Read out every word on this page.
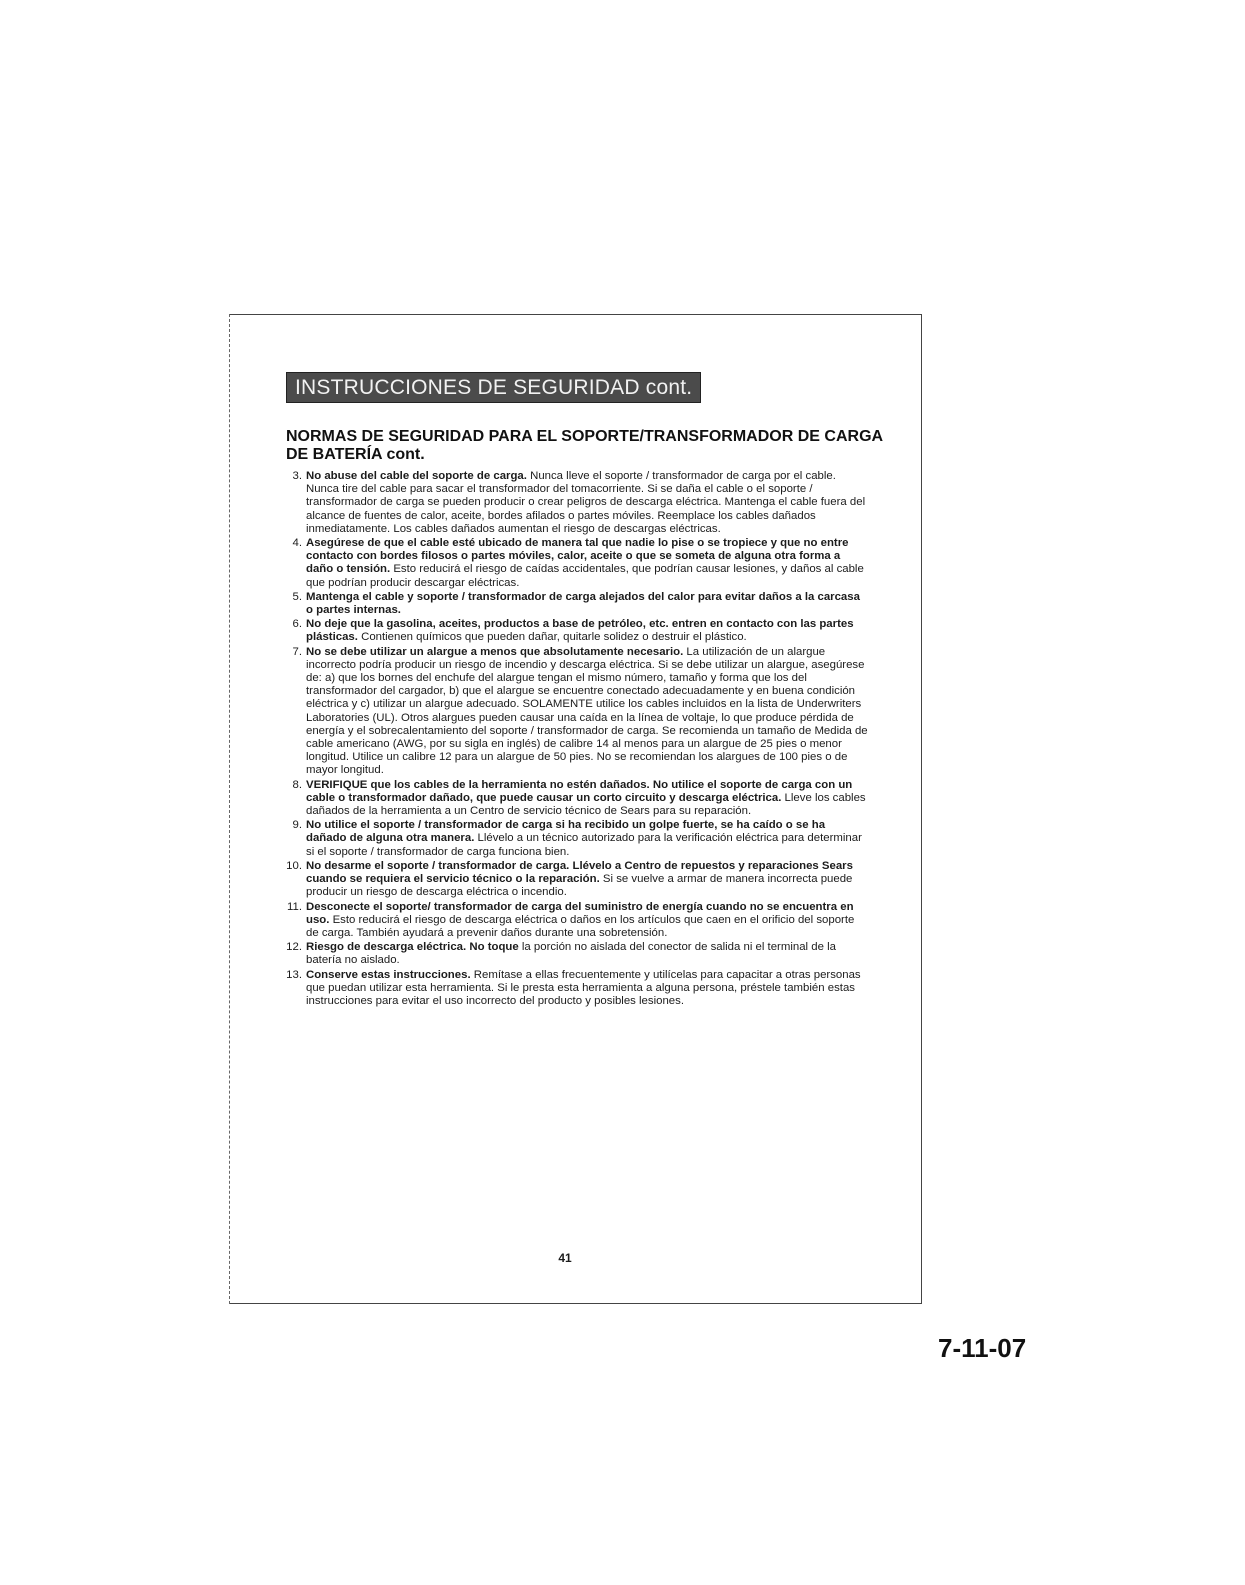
INSTRUCCIONES DE SEGURIDAD cont.
NORMAS DE SEGURIDAD PARA EL SOPORTE/TRANSFORMADOR DE CARGA DE BATERÍA cont.
3. No abuse del cable del soporte de carga. Nunca lleve el soporte / transformador de carga por el cable. Nunca tire del cable para sacar el transformador del tomacorriente. Si se daña el cable o el soporte / transformador de carga se pueden producir o crear peligros de descarga eléctrica. Mantenga el cable fuera del alcance de fuentes de calor, aceite, bordes afilados o partes móviles. Reemplace los cables dañados inmediatamente. Los cables dañados aumentan el riesgo de descargas eléctricas.
4. Asegúrese de que el cable esté ubicado de manera tal que nadie lo pise o se tropiece y que no entre contacto con bordes filosos o partes móviles, calor, aceite o que se someta de alguna otra forma a daño o tensión. Esto reducirá el riesgo de caídas accidentales, que podrían causar lesiones, y daños al cable que podrían producir descargar eléctricas.
5. Mantenga el cable y soporte / transformador de carga alejados del calor para evitar daños a la carcasa o partes internas.
6. No deje que la gasolina, aceites, productos a base de petróleo, etc. entren en contacto con las partes plásticas. Contienen químicos que pueden dañar, quitarle solidez o destruir el plástico.
7. No se debe utilizar un alargue a menos que absolutamente necesario. La utilización de un alargue incorrecto podría producir un riesgo de incendio y descarga eléctrica. Si se debe utilizar un alargue, asegúrese de: a) que los bornes del enchufe del alargue tengan el mismo número, tamaño y forma que los del transformador del cargador, b) que el alargue se encuentre conectado adecuadamente y en buena condición eléctrica y c) utilizar un alargue adecuado. SOLAMENTE utilice los cables incluidos en la lista de Underwriters Laboratories (UL). Otros alargues pueden causar una caída en la línea de voltaje, lo que produce pérdida de energía y el sobrecalentamiento del soporte / transformador de carga. Se recomienda un tamaño de Medida de cable americano (AWG, por su sigla en inglés) de calibre 14 al menos para un alargue de 25 pies o menor longitud. Utilice un calibre 12 para un alargue de 50 pies. No se recomiendan los alargues de 100 pies o de mayor longitud.
8. VERIFIQUE que los cables de la herramienta no estén dañados. No utilice el soporte de carga con un cable o transformador dañado, que puede causar un corto circuito y descarga eléctrica. Lleve los cables dañados de la herramienta a un Centro de servicio técnico de Sears para su reparación.
9. No utilice el soporte / transformador de carga si ha recibido un golpe fuerte, se ha caído o se ha dañado de alguna otra manera. Llévelo a un técnico autorizado para la verificación eléctrica para determinar si el soporte / transformador de carga funciona bien.
10. No desarme el soporte / transformador de carga. Llévelo a Centro de repuestos y reparaciones Sears cuando se requiera el servicio técnico o la reparación. Si se vuelve a armar de manera incorrecta puede producir un riesgo de descarga eléctrica o incendio.
11. Desconecte el soporte/ transformador de carga del suministro de energía cuando no se encuentra en uso. Esto reducirá el riesgo de descarga eléctrica o daños en los artículos que caen en el orificio del soporte de carga. También ayudará a prevenir daños durante una sobretensión.
12. Riesgo de descarga eléctrica. No toque la porción no aislada del conector de salida ni el terminal de la batería no aislado.
13. Conserve estas instrucciones. Remítase a ellas frecuentemente y utilícelas para capacitar a otras personas que puedan utilizar esta herramienta. Si le presta esta herramienta a alguna persona, préstele también estas instrucciones para evitar el uso incorrecto del producto y posibles lesiones.
41
7-11-07
